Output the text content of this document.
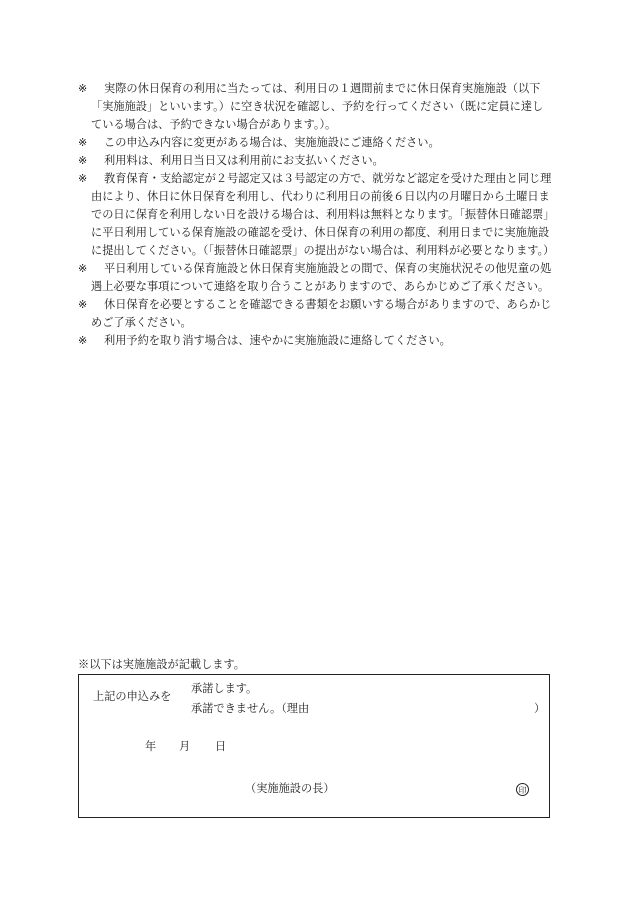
※	実際の休日保育の利用に当たっては、利用日の１週間前までに休日保育実施施設（以下「実施施設」といいます。）に空き状況を確認し、予約を行ってください（既に定員に達している場合は、予約できない場合があります。）。

※	この申込み内容に変更がある場合は、実施施設にご連絡ください。

※	利用料は、利用日当日又は利用前にお支払いください。

※	教育保育・支給認定が２号認定又は３号認定の方で、就労など認定を受けた理由と同じ理由により、休日に休日保育を利用し、代わりに利用日の前後６日以内の月曜日から土曜日までの日に保育を利用しない日を設ける場合は、利用料は無料となります。「振替休日確認票」に平日利用している保育施設の確認を受け、休日保育の利用の都度、利用日までに実施施設に提出してください。（「振替休日確認票」の提出がない場合は、利用料が必要となります。）

※	平日利用している保育施設と休日保育実施施設との間で、保育の実施状況その他児童の処遇上必要な事項について連絡を取り合うことがありますので、あらかじめご了承ください。

※	休日保育を必要とすることを確認できる書類をお願いする場合がありますので、あらかじめご了承ください。

※	利用予約を取り消す場合は、速やかに実施施設に連絡してください。

※以下は実施施設が記載します。
上記の申込みを
承諾します。
承諾できません。（理由	）
年 月 日
（実施施設の長）	印
